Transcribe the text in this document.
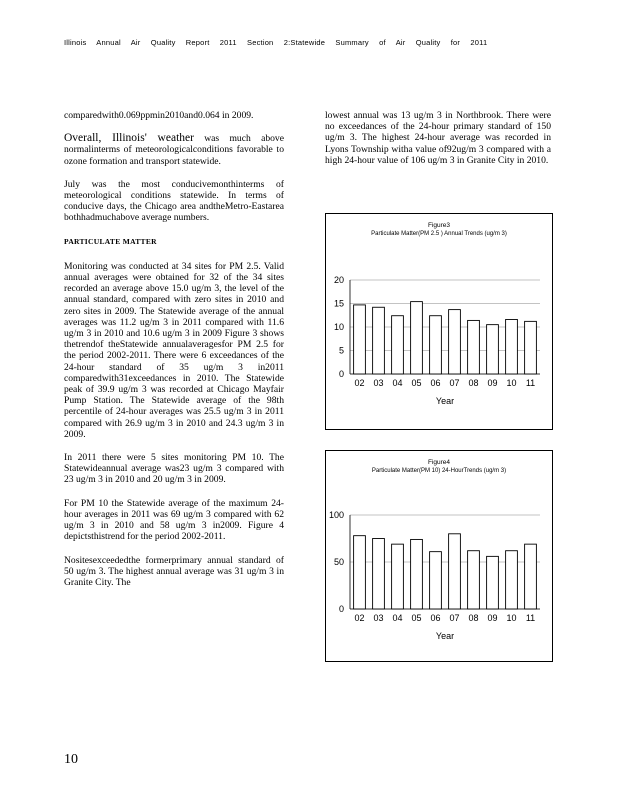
Illinois Annual Air Quality Report 2011 Section 2:Statewide Summary of Air Quality for 2011

comparedwith0.069ppmin2010and0.064 in 2009.

Overall, Illinois' weather was much above normalinterms of meteorologicalconditions favorable to ozone formation and transport statewide.

July was the most conducivemonthinterms of meteorological conditions statewide. In terms of conducive days, the Chicago area andtheMetro-Eastarea bothhadmuchabove average numbers.

PARTICULATE MATTER

Monitoring was conducted at 34 sites for PM 2.5. Valid annual averages were obtained for 32 of the 34 sites recorded an average above 15.0 ug/m 3, the level of the annual standard, compared with zero sites in 2010 and zero sites in 2009. The Statewide average of the annual averages was 11.2 ug/m 3 in 2011 compared with 11.6 ug/m 3 in 2010 and 10.6 ug/m 3 in 2009 Figure 3 shows thetrendof theStatewide annualaveragesfor PM 2.5 for the period 2002-2011. There were 6 exceedances of the 24-hour standard of 35 ug/m 3 in2011 comparedwith31exceedances in 2010. The Statewide peak of 39.9 ug/m 3 was recorded at Chicago Mayfair Pump Station. The Statewide average of the 98th percentile of 24-hour averages was 25.5 ug/m 3 in 2011 compared with 26.9 ug/m 3 in 2010 and 24.3 ug/m 3 in 2009.

In 2011 there were 5 sites monitoring PM 10. The Statewideannual average was23 ug/m 3 compared with 23 ug/m 3 in 2010 and 20 ug/m 3 in 2009.

For PM 10 the Statewide average of the maximum 24-hour averages in 2011 was 69 ug/m 3 compared with 62 ug/m 3 in 2010 and 58 ug/m 3 in2009. Figure 4 depictsthistrend for the period 2002-2011.

Nositesexceededthe formerprimary annual standard of 50 ug/m 3. The highest annual average was 31 ug/m 3 in Granite City. The

lowest annual was 13 ug/m 3 in Northbrook. There were no exceedances of the 24-hour primary standard of 150 ug/m 3. The highest 24-hour average was recorded in Lyons Township witha value of92ug/m 3 compared with a high 24-hour value of 106 ug/m 3 in Granite City in 2010.

Figure3
Particulate Matter(PM 2.5 ) Annual Trends (ug/m 3)
0
5
10
15
20
02 03 04 05 06 07 08 09 10 11
Year
Figure4
Particulate Matter(PM 10) 24-HourTrends (ug/m 3)
0
50
100
02 03 04 05 06 07 08 09 10 11
Year
10
